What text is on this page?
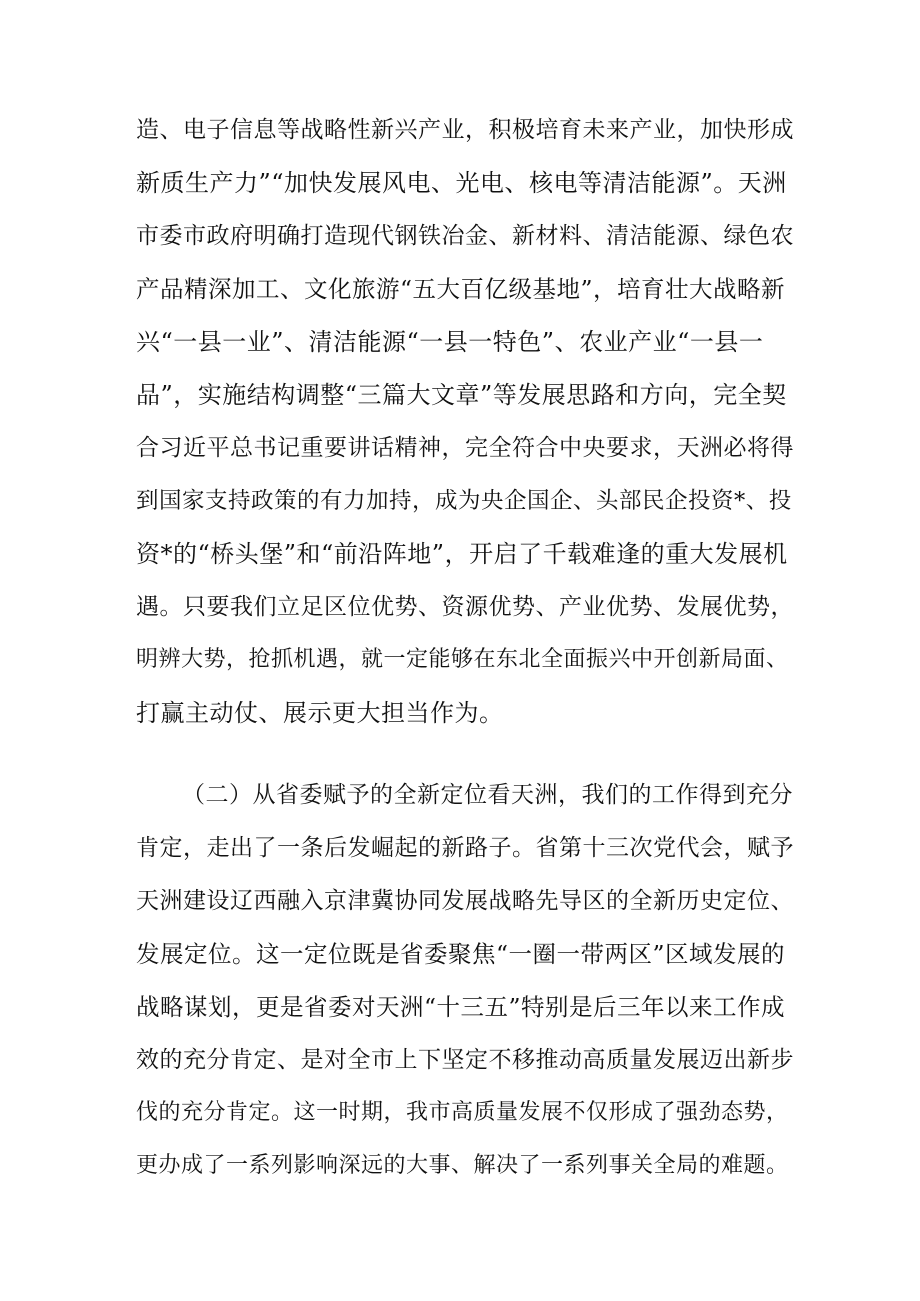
造、电子信息等战略性新兴产业，积极培育未来产业，加快形成
新质生产力”“加快发展风电、光电、核电等清洁能源”。天洲
市委市政府明确打造现代钢铁冶金、新材料、清洁能源、绿色农
产品精深加工、文化旅游“五大百亿级基地”，培育壮大战略新
兴“一县一业”、清洁能源“一县一特色”、农业产业“一县一
品”，实施结构调整“三篇大文章”等发展思路和方向，完全契
合习近平总书记重要讲话精神，完全符合中央要求，天洲必将得
到国家支持政策的有力加持，成为央企国企、头部民企投资*、投
资*的“桥头堡”和“前沿阵地”，开启了千载难逢的重大发展机
遇。只要我们立足区位优势、资源优势、产业优势、发展优势，
明辨大势，抢抓机遇，就一定能够在东北全面振兴中开创新局面、
打赢主动仗、展示更大担当作为。
（二）从省委赋予的全新定位看天洲，我们的工作得到充分
肯定，走出了一条后发崛起的新路子。省第十三次党代会，赋予
天洲建设辽西融入京津冀协同发展战略先导区的全新历史定位、
发展定位。这一定位既是省委聚焦“一圈一带两区”区域发展的
战略谋划，更是省委对天洲“十三五”特别是后三年以来工作成
效的充分肯定、是对全市上下坚定不移推动高质量发展迈出新步
伐的充分肯定。这一时期，我市高质量发展不仅形成了强劲态势，
更办成了一系列影响深远的大事、解决了一系列事关全局的难题。
